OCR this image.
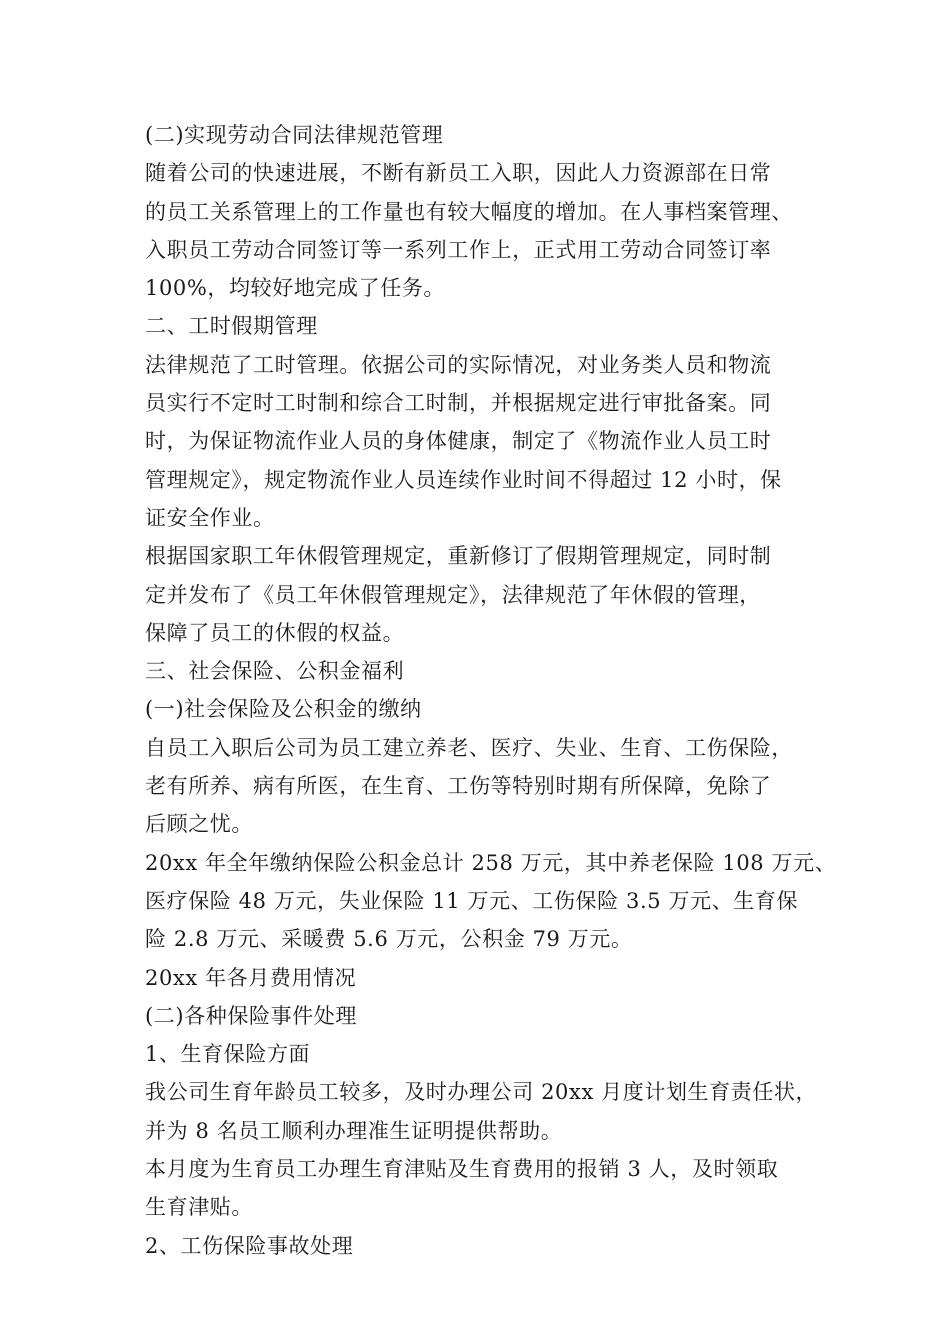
(二)实现劳动合同法律规范管理
随着公司的快速进展，不断有新员工入职，因此人力资源部在日常
的员工关系管理上的工作量也有较大幅度的增加。在人事档案管理、
入职员工劳动合同签订等一系列工作上，正式用工劳动合同签订率
100%，均较好地完成了任务。
二、工时假期管理
法律规范了工时管理。依据公司的实际情况，对业务类人员和物流
员实行不定时工时制和综合工时制，并根据规定进行审批备案。同
时，为保证物流作业人员的身体健康，制定了《物流作业人员工时
管理规定》，规定物流作业人员连续作业时间不得超过 12 小时，保
证安全作业。
根据国家职工年休假管理规定，重新修订了假期管理规定，同时制
定并发布了《员工年休假管理规定》，法律规范了年休假的管理，
保障了员工的休假的权益。
三、社会保险、公积金福利
(一)社会保险及公积金的缴纳
自员工入职后公司为员工建立养老、医疗、失业、生育、工伤保险，
老有所养、病有所医，在生育、工伤等特别时期有所保障，免除了
后顾之忧。
20xx 年全年缴纳保险公积金总计 258 万元，其中养老保险 108 万元、
医疗保险 48 万元，失业保险 11 万元、工伤保险 3.5 万元、生育保
险 2.8 万元、采暖费 5.6 万元，公积金 79 万元。
20xx 年各月费用情况
(二)各种保险事件处理
1、生育保险方面
我公司生育年龄员工较多，及时办理公司 20xx 月度计划生育责任状，
并为 8 名员工顺利办理准生证明提供帮助。
本月度为生育员工办理生育津贴及生育费用的报销 3 人，及时领取
生育津贴。
2、工伤保险事故处理
